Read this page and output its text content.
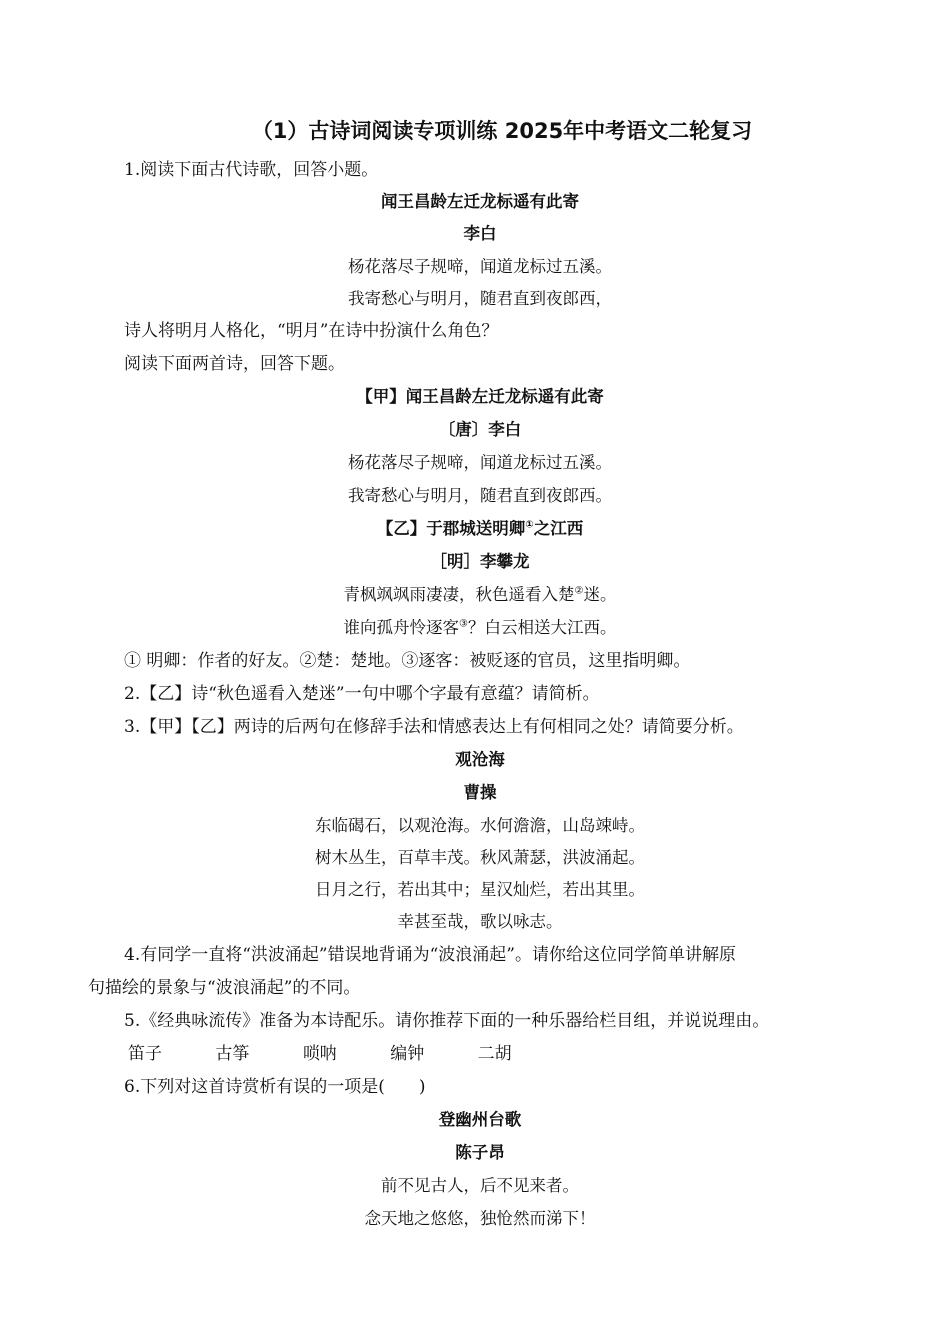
（1）古诗词阅读专项训练 2025年中考语文二轮复习
1.阅读下面古代诗歌，回答小题。
闻王昌龄左迁龙标遥有此寄
李白
杨花落尽子规啼，闻道龙标过五溪。
我寄愁心与明月，随君直到夜郎西，
诗人将明月人格化，“明月”在诗中扮演什么角色？
阅读下面两首诗，回答下题。
【甲】闻王昌龄左迁龙标遥有此寄
〔唐〕李白
杨花落尽子规啼，闻道龙标过五溪。
我寄愁心与明月，随君直到夜郎西。
【乙】于郡城送明卿①之江西
［明］李攀龙
青枫飒飒雨凄凄，秋色遥看入楚②迷。
谁向孤舟怜逐客③？白云相送大江西。
① 明卿：作者的好友。②楚：楚地。③逐客：被贬逐的官员，这里指明卿。
2.【乙】诗“秋色遥看入楚迷”一句中哪个字最有意蕴？请简析。
3.【甲】【乙】两诗的后两句在修辞手法和情感表达上有何相同之处？请简要分析。
观沧海
曹操
东临碣石，以观沧海。水何澹澹，山岛竦峙。
树木丛生，百草丰茂。秋风萧瑟，洪波涌起。
日月之行，若出其中；星汉灿烂，若出其里。
幸甚至哉，歌以咏志。
4.有同学一直将“洪波涌起”错误地背诵为“波浪涌起”。请你给这位同学简单讲解原
句描绘的景象与“波浪涌起”的不同。
5.《经典咏流传》准备为本诗配乐。请你推荐下面的一种乐器给栏目组，并说说理由。
笛子	古筝	唢呐	编钟	二胡
6.下列对这首诗赏析有误的一项是(　　)
登幽州台歌
陈子昂
前不见古人，后不见来者。
念天地之悠悠，独怆然而涕下！
